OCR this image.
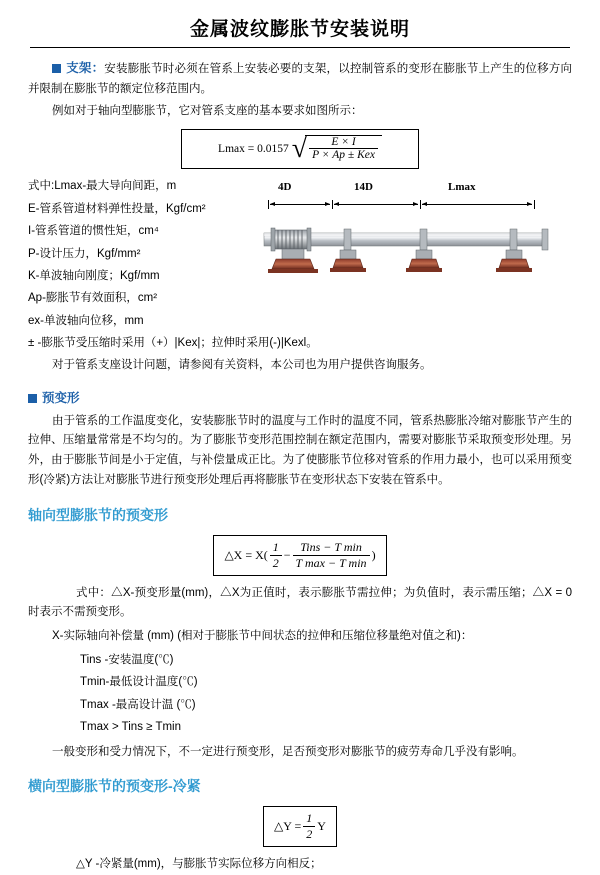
金属波纹膨胀节安装说明

支架：安装膨胀节时必须在管系上安装必要的支架，以控制管系的变形在膨胀节上产生的位移方向并限制在膨胀节的额定位移范围内。

例如对于轴向型膨胀节，它对管系支座的基本要求如图所示：

Lmax = 0.0157 √
$\frac{E \times I}{\text{P × Ap ± Kex}}$
式中:Lmax-最大导向间距，m
E-管系管道材料弹性投量，Kgf/cm²
I-管系管道的惯性矩，cm⁴
P-设计压力，Kgf/mm²
K-单波轴向刚度；Kgf/mm
Ap-膨胀节有效面积，cm²
ex-单波轴向位移，mm
4D	14D	Lmax

± -膨胀节受压缩时采用（+）|Kex|；拉伸时采用(-)|Kexl。

对于管系支座设计问题，请参阅有关资料，本公司也为用户提供咨询服务。

预变形

由于管系的工作温度变化，安装膨胀节时的温度与工作时的温度不同，管系热膨胀冷缩对膨胀节产生的拉伸、压缩量常常是不均匀的。为了膨胀节变形范围控制在额定范围内，需要对膨胀节采取预变形处理。另外，由于膨胀节间是小于定值，与补偿量成正比。为了使膨胀节位移对管系的作用力最小，也可以采用预变形(冷紧)方法让对膨胀节进行预变形处理后再将膨胀节在变形状态下安装在管系中。

轴向型膨胀节的预变形
△X = $X( \frac{1}{2} - \frac{\text{Tins − T min}}{\text{T max − T min}}$ )

式中：△X-预变形量(mm)，△X为正值时，表示膨胀节需拉伸；为负值时，表示需压缩；△X = 0时表示不需预变形。

X-实际轴向补偿量 (mm) (相对于膨胀节中间状态的拉伸和压缩位移量绝对值之和)：

Tins -安装温度(℃)
Tmin-最低设计温度(℃)
Tmax -最高设计温 (℃)
Tmax > Tins ≥ Tmin

一般变形和受力情况下，不一定进行预变形，足否预变形对膨胀节的疲劳寿命几乎没有影响。

横向型膨胀节的预变形-冷紧
△Y = $\frac{1}{2}$ Y

△Y -冷紧量(mm)，与膨胀节实际位移方向相反；
